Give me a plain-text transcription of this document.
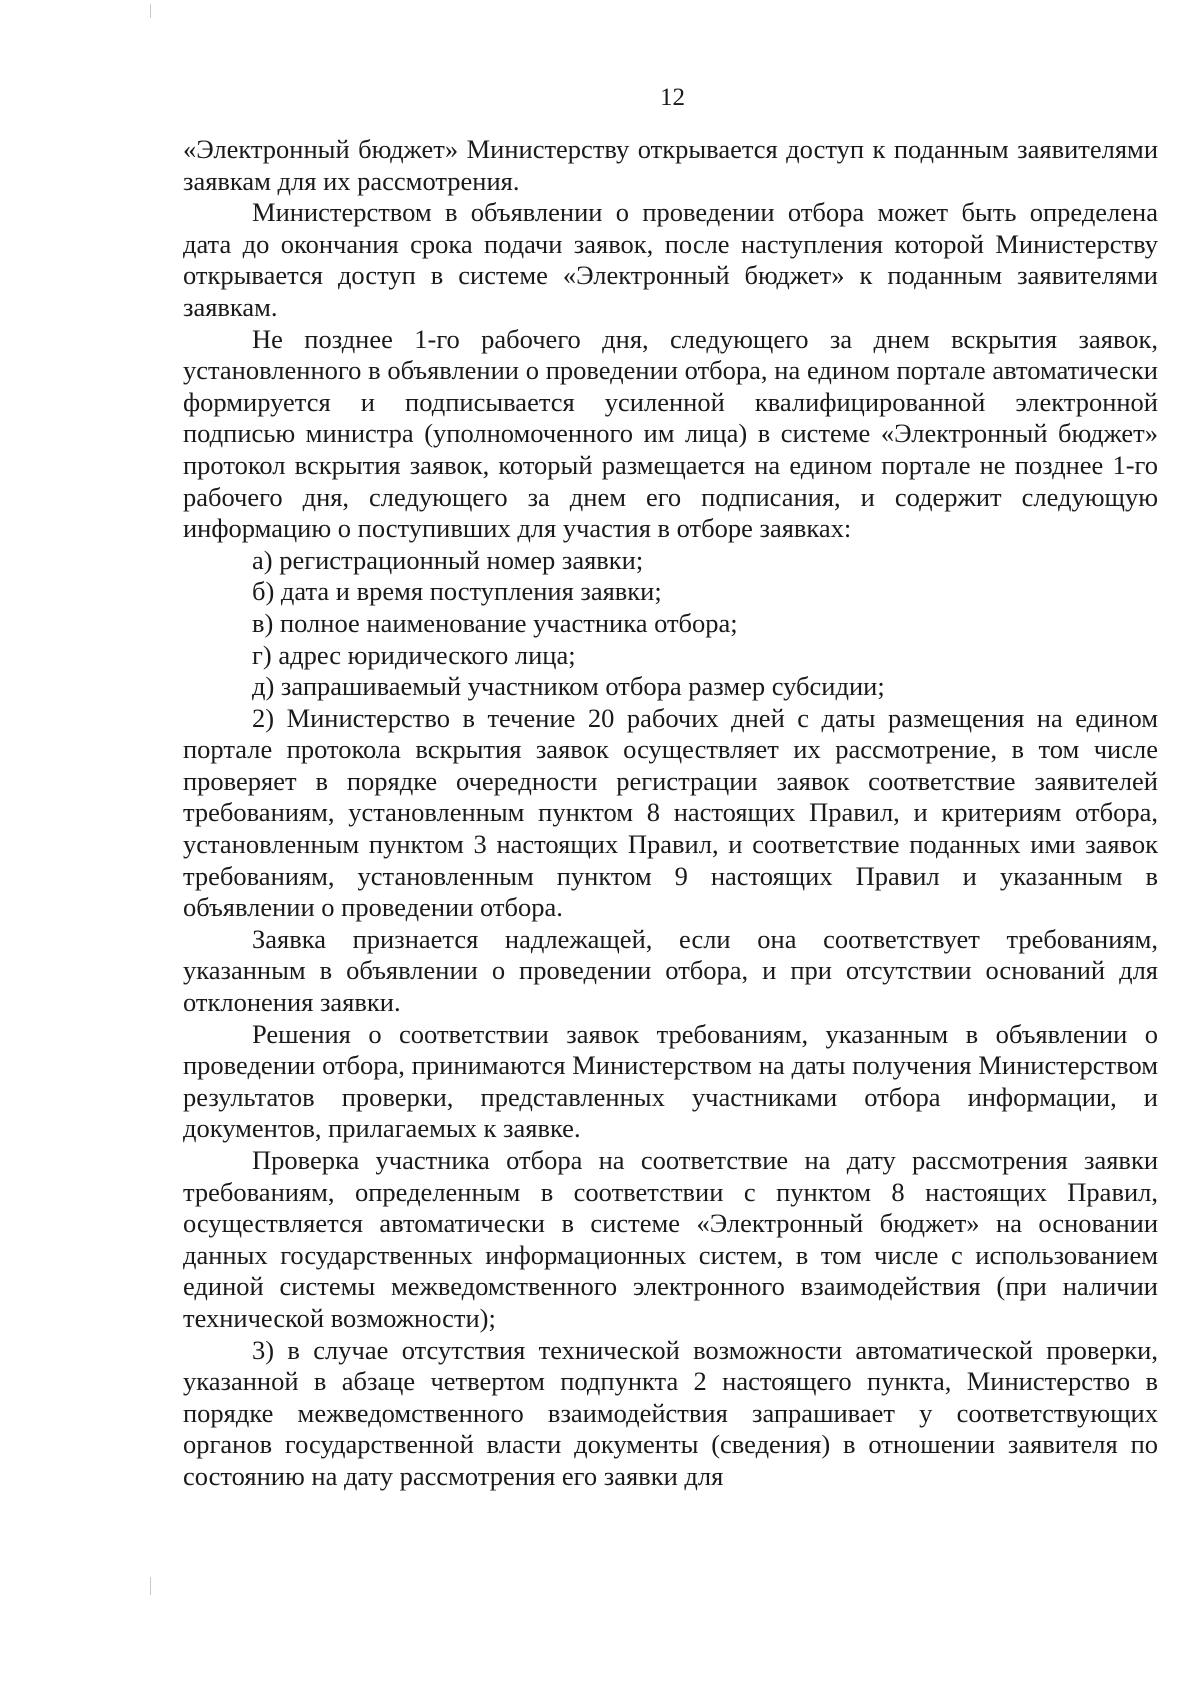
12

«Электронный бюджет» Министерству открывается доступ к поданным заявителями заявкам для их рассмотрения.

Министерством в объявлении о проведении отбора может быть определена дата до окончания срока подачи заявок, после наступления которой Министерству открывается доступ в системе «Электронный бюджет» к поданным заявителями заявкам.

Не позднее 1-го рабочего дня, следующего за днем вскрытия заявок, установленного в объявлении о проведении отбора, на едином портале автоматически формируется и подписывается усиленной квалифицированной электронной подписью министра (уполномоченного им лица) в системе «Электронный бюджет» протокол вскрытия заявок, который размещается на едином портале не позднее 1-го рабочего дня, следующего за днем его подписания, и содержит следующую информацию о поступивших для участия в отборе заявках:

а) регистрационный номер заявки;

б) дата и время поступления заявки;

в) полное наименование участника отбора;

г) адрес юридического лица;

д) запрашиваемый участником отбора размер субсидии;

2) Министерство в течение 20 рабочих дней с даты размещения на едином портале протокола вскрытия заявок осуществляет их рассмотрение, в том числе проверяет в порядке очередности регистрации заявок соответствие заявителей требованиям, установленным пунктом 8 настоящих Правил, и критериям отбора, установленным пунктом 3 настоящих Правил, и соответствие поданных ими заявок требованиям, установленным пунктом 9 настоящих Правил и указанным в объявлении о проведении отбора.

Заявка признается надлежащей, если она соответствует требованиям, указанным в объявлении о проведении отбора, и при отсутствии оснований для отклонения заявки.

Решения о соответствии заявок требованиям, указанным в объявлении о проведении отбора, принимаются Министерством на даты получения Министерством результатов проверки, представленных участниками отбора информации, и документов, прилагаемых к заявке.

Проверка участника отбора на соответствие на дату рассмотрения заявки требованиям, определенным в соответствии с пунктом 8 настоящих Правил, осуществляется автоматически в системе «Электронный бюджет» на основании данных государственных информационных систем, в том числе с использованием единой системы межведомственного электронного взаимодействия (при наличии технической возможности);

3) в случае отсутствия технической возможности автоматической проверки, указанной в абзаце четвертом подпункта 2 настоящего пункта, Министерство в порядке межведомственного взаимодействия запрашивает у соответствующих органов государственной власти документы (сведения) в отношении заявителя по состоянию на дату рассмотрения его заявки для
